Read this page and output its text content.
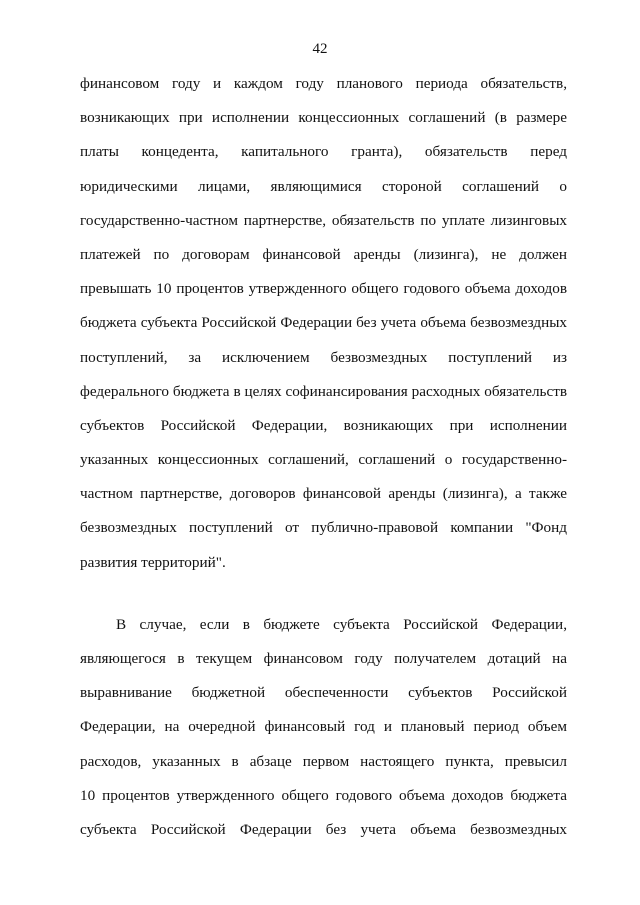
42
финансовом году и каждом году планового периода обязательств,
возникающих при исполнении концессионных соглашений (в размере
платы концедента, капитального гранта), обязательств перед
юридическими лицами, являющимися стороной соглашений о
государственно-частном партнерстве, обязательств по уплате лизинговых
платежей по договорам финансовой аренды (лизинга), не должен
превышать 10 процентов утвержденного общего годового объема доходов
бюджета субъекта Российской Федерации без учета объема безвозмездных
поступлений, за исключением безвозмездных поступлений из
федерального бюджета в целях софинансирования расходных обязательств
субъектов Российской Федерации, возникающих при исполнении
указанных концессионных соглашений, соглашений о государственно-
частном партнерстве, договоров финансовой аренды (лизинга), а также
безвозмездных поступлений от публично-правовой компании "Фонд
развития территорий".
В случае, если в бюджете субъекта Российской Федерации,
являющегося в текущем финансовом году получателем дотаций на
выравнивание бюджетной обеспеченности субъектов Российской
Федерации, на очередной финансовый год и плановый период объем
расходов, указанных в абзаце первом настоящего пункта, превысил
10 процентов утвержденного общего годового объема доходов бюджета
субъекта Российской Федерации без учета объема безвозмездных
